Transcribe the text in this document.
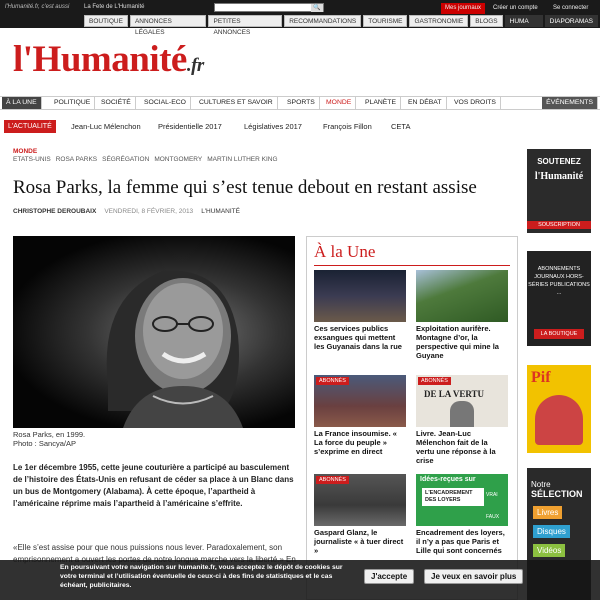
l'Humanité.fr, c'est aussi La Fete de L'Humanité	🔍	Mes journaux	Créer un compte	Se connecter
BOUTIQUE	ANNONCES LÉGALES
PETITES ANNONCES
RECOMMANDATIONS	TOURISME	GASTRONOMIE	BLOGS	HUMA TV
DIAPORAMAS
l'Humanité.fr
À LA UNE	POLITIQUE	SOCIÉTÉ	SOCIAL-ECO	CULTURES ET SAVOIR	SPORTS	MONDE	PLANÈTE	EN DÉBAT	VOS DROITS	ÉVÉNEMENTS
L'ACTUALITÉ	Jean-Luc Mélenchon Présidentielle 2017	Législatives 2017	François Fillon	CETA
MONDE
ETATS-UNIS ROSA PARKS SÉGRÉGATION MONTGOMERY MARTIN LUTHER KING
Rosa Parks, la femme qui s’est tenue debout en restant assise
CHRISTOPHE DEROUBAIX VENDREDI, 8 FÉVRIER, 2013 L'HUMANITÉ
Rosa Parks, en 1999.
Photo : Sancya/AP

Le 1er décembre 1955, cette jeune couturière a participé au basculement de l’histoire des États-Unis en refusant de céder sa place à un Blanc dans un bus de Montgomery (Alabama). À cette époque, l’apartheid à l’américaine réprime mais l’apartheid à l’américaine s’effrite.

«Elle s’est assise pour que nous puissions nous lever. Paradoxalement, son

À la Une
Ces services publics exsangues qui mettent les Guyanais dans la rue
Exploitation aurifère. Montagne d’or, la perspective qui mine la Guyane
ABONNÉS
La France insoumise. « La force du peuple » s’exprime en direct
ABONNÉS
DE LA VERTU
Livre. Jean-Luc Mélenchon fait de la vertu une réponse à la crise
ABONNÉS
Gaspard Glanz, le journaliste « à tuer direct »
Idées-reçues sur
L'ENCADREMENT DES LOYERS
VRAI
FAUX
Encadrement des loyers, il n’y a pas que Paris et Lille qui sont concernés
SOUTENEZ
l'Humanité
SOUSCRIPTION
ABONNEMENTS JOURNAUX HORS-SÉRIES PUBLICATIONS ...
LA BOUTIQUE
Pif
Notre
SÉLECTION
Livres
Disques
Vidéos
En poursuivant votre navigation sur humanite.fr, vous acceptez le dépôt de cookies sur votre terminal et l’utilisation éventuelle de ceux-ci à des fins de statistiques et le cas échéant, publicitaires.
J'accepte	Je veux en savoir plus
